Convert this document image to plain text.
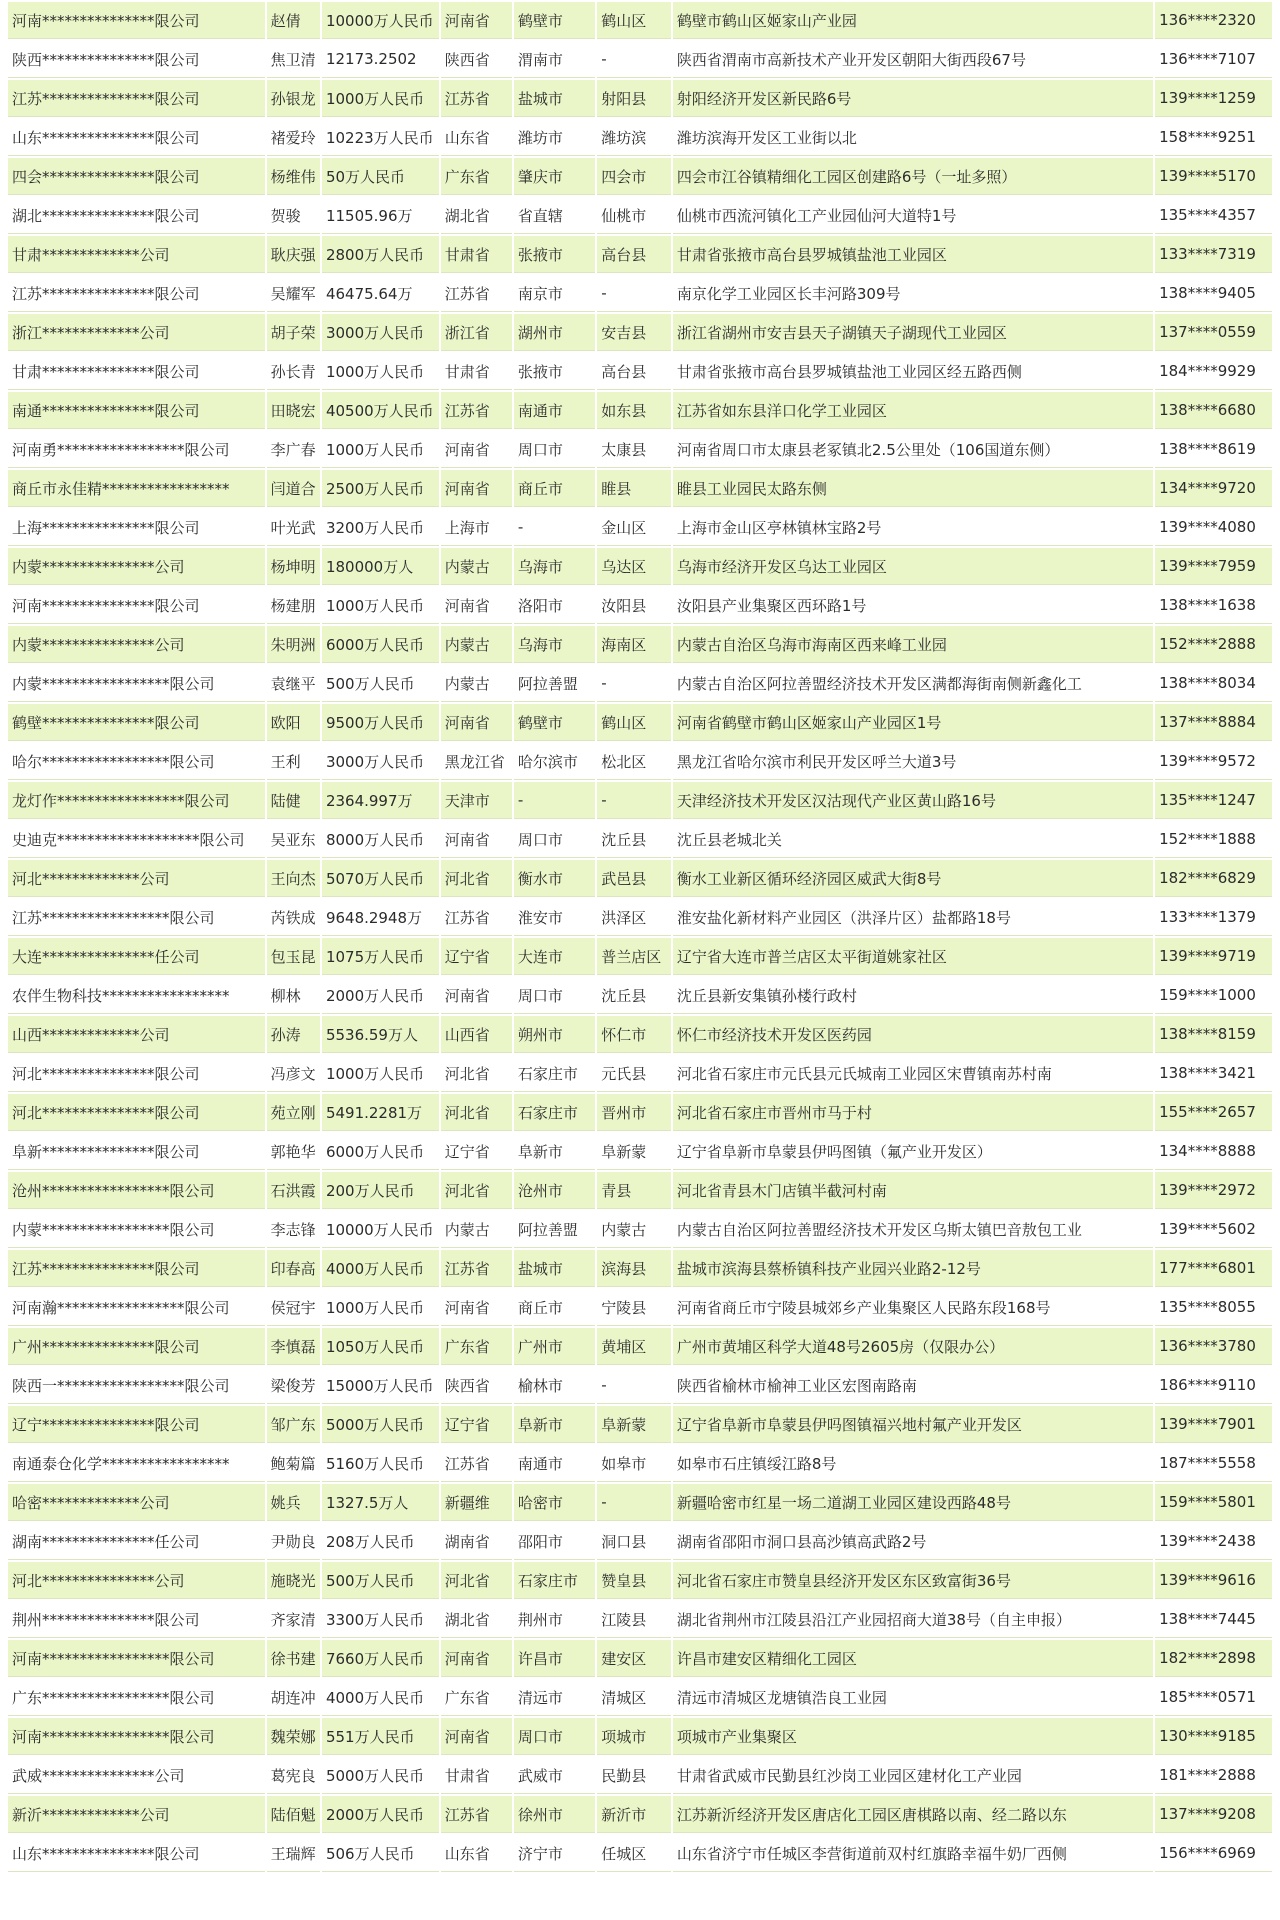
河南***************限公司	赵倩	10000万人民币	河南省	鹤壁市	鹤山区	鹤壁市鹤山区姬家山产业园	136****2320
陕西***************限公司	焦卫清	12173.2502	陕西省	渭南市	-	陕西省渭南市高新技术产业开发区朝阳大街西段67号	136****7107
江苏***************限公司	孙银龙	1000万人民币	江苏省	盐城市	射阳县	射阳经济开发区新民路6号	139****1259
山东***************限公司	褚爱玲	10223万人民币	山东省	潍坊市	潍坊滨	潍坊滨海开发区工业街以北	158****9251
四会***************限公司	杨维伟	50万人民币	广东省	肇庆市	四会市	四会市江谷镇精细化工园区创建路6号（一址多照）	139****5170
湖北***************限公司	贺骏	11505.96万	湖北省	省直辖	仙桃市	仙桃市西流河镇化工产业园仙河大道特1号	135****4357
甘肃*************公司	耿庆强	2800万人民币	甘肃省	张掖市	高台县	甘肃省张掖市高台县罗城镇盐池工业园区	133****7319
江苏***************限公司	吴耀军	46475.64万	江苏省	南京市	-	南京化学工业园区长丰河路309号	138****9405
浙江*************公司	胡子荣	3000万人民币	浙江省	湖州市	安吉县	浙江省湖州市安吉县天子湖镇天子湖现代工业园区	137****0559
甘肃***************限公司	孙长青	1000万人民币	甘肃省	张掖市	高台县	甘肃省张掖市高台县罗城镇盐池工业园区经五路西侧	184****9929
南通***************限公司	田晓宏	40500万人民币	江苏省	南通市	如东县	江苏省如东县洋口化学工业园区	138****6680
河南勇*****************限公司	李广春	1000万人民币	河南省	周口市	太康县	河南省周口市太康县老冢镇北2.5公里处（106国道东侧）	138****8619
商丘市永佳精*****************	闫道合	2500万人民币	河南省	商丘市	睢县	睢县工业园民太路东侧	134****9720
上海***************限公司	叶光武	3200万人民币	上海市	-	金山区	上海市金山区亭林镇林宝路2号	139****4080
内蒙***************公司	杨坤明	180000万人	内蒙古	乌海市	乌达区	乌海市经济开发区乌达工业园区	139****7959
河南***************限公司	杨建朋	1000万人民币	河南省	洛阳市	汝阳县	汝阳县产业集聚区西环路1号	138****1638
内蒙***************公司	朱明洲	6000万人民币	内蒙古	乌海市	海南区	内蒙古自治区乌海市海南区西来峰工业园	152****2888
内蒙*****************限公司	袁继平	500万人民币	内蒙古	阿拉善盟	-	内蒙古自治区阿拉善盟经济技术开发区满都海街南侧新鑫化工	138****8034
鹤壁***************限公司	欧阳	9500万人民币	河南省	鹤壁市	鹤山区	河南省鹤壁市鹤山区姬家山产业园区1号	137****8884
哈尔*****************限公司	王利	3000万人民币	黑龙江省	哈尔滨市	松北区	黑龙江省哈尔滨市利民开发区呼兰大道3号	139****9572
龙灯作*****************限公司	陆健	2364.997万	天津市	-	-	天津经济技术开发区汉沽现代产业区黄山路16号	135****1247
史迪克*******************限公司	吴亚东	8000万人民币	河南省	周口市	沈丘县	沈丘县老城北关	152****1888
河北*************公司	王向杰	5070万人民币	河北省	衡水市	武邑县	衡水工业新区循环经济园区威武大街8号	182****6829
江苏*****************限公司	芮铁成	9648.2948万	江苏省	淮安市	洪泽区	淮安盐化新材料产业园区（洪泽片区）盐都路18号	133****1379
大连***************任公司	包玉昆	1075万人民币	辽宁省	大连市	普兰店区	辽宁省大连市普兰店区太平街道姚家社区	139****9719
农伴生物科技*****************	柳林	2000万人民币	河南省	周口市	沈丘县	沈丘县新安集镇孙楼行政村	159****1000
山西*************公司	孙涛	5536.59万人	山西省	朔州市	怀仁市	怀仁市经济技术开发区医药园	138****8159
河北***************限公司	冯彦文	1000万人民币	河北省	石家庄市	元氏县	河北省石家庄市元氏县元氏城南工业园区宋曹镇南苏村南	138****3421
河北***************限公司	苑立刚	5491.2281万	河北省	石家庄市	晋州市	河北省石家庄市晋州市马于村	155****2657
阜新***************限公司	郭艳华	6000万人民币	辽宁省	阜新市	阜新蒙	辽宁省阜新市阜蒙县伊吗图镇（氟产业开发区）	134****8888
沧州*****************限公司	石洪霞	200万人民币	河北省	沧州市	青县	河北省青县木门店镇半截河村南	139****2972
内蒙*****************限公司	李志锋	10000万人民币	内蒙古	阿拉善盟	内蒙古	内蒙古自治区阿拉善盟经济技术开发区乌斯太镇巴音敖包工业	139****5602
江苏***************限公司	印春高	4000万人民币	江苏省	盐城市	滨海县	盐城市滨海县蔡桥镇科技产业园兴业路2-12号	177****6801
河南瀚*****************限公司	侯冠宇	1000万人民币	河南省	商丘市	宁陵县	河南省商丘市宁陵县城郊乡产业集聚区人民路东段168号	135****8055
广州***************限公司	李慎磊	1050万人民币	广东省	广州市	黄埔区	广州市黄埔区科学大道48号2605房（仅限办公）	136****3780
陕西一*****************限公司	梁俊芳	15000万人民币	陕西省	榆林市	-	陕西省榆林市榆神工业区宏图南路南	186****9110
辽宁***************限公司	邹广东	5000万人民币	辽宁省	阜新市	阜新蒙	辽宁省阜新市阜蒙县伊吗图镇福兴地村氟产业开发区	139****7901
南通泰仓化学*****************	鲍菊篇	5160万人民币	江苏省	南通市	如皋市	如皋市石庄镇绥江路8号	187****5558
哈密*************公司	姚兵	1327.5万人	新疆维	哈密市	-	新疆哈密市红星一场二道湖工业园区建设西路48号	159****5801
湖南***************任公司	尹勋良	208万人民币	湖南省	邵阳市	洞口县	湖南省邵阳市洞口县高沙镇高武路2号	139****2438
河北***************公司	施晓光	500万人民币	河北省	石家庄市	赞皇县	河北省石家庄市赞皇县经济开发区东区致富街36号	139****9616
荆州***************限公司	齐家清	3300万人民币	湖北省	荆州市	江陵县	湖北省荆州市江陵县沿江产业园招商大道38号（自主申报）	138****7445
河南*****************限公司	徐书建	7660万人民币	河南省	许昌市	建安区	许昌市建安区精细化工园区	182****2898
广东*****************限公司	胡连冲	4000万人民币	广东省	清远市	清城区	清远市清城区龙塘镇浩良工业园	185****0571
河南*****************限公司	魏荣娜	551万人民币	河南省	周口市	项城市	项城市产业集聚区	130****9185
武威***************公司	葛宪良	5000万人民币	甘肃省	武威市	民勤县	甘肃省武威市民勤县红沙岗工业园区建材化工产业园	181****2888
新沂*************公司	陆佰魁	2000万人民币	江苏省	徐州市	新沂市	江苏新沂经济开发区唐店化工园区唐棋路以南、经二路以东	137****9208
山东***************限公司	王瑞辉	506万人民币	山东省	济宁市	任城区	山东省济宁市任城区李营街道前双村红旗路幸福牛奶厂西侧	156****6969
